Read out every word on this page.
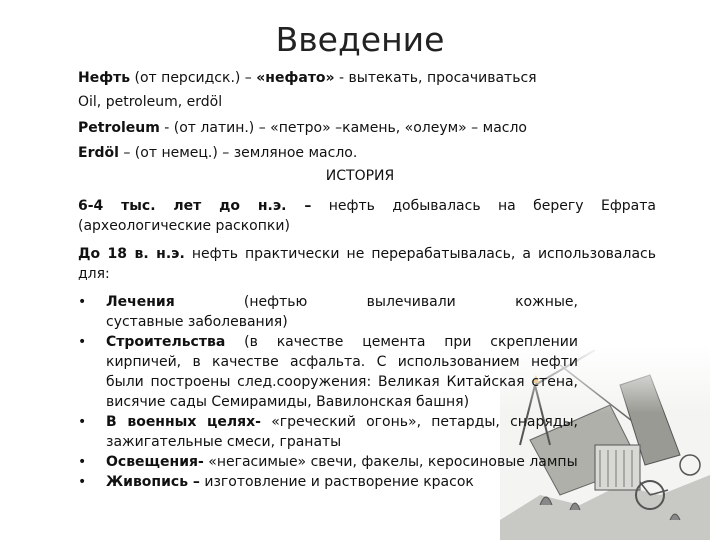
Введение
Нефть (от персидск.) – «нефато» - вытекать, просачиваться
Oil, petroleum, erdöl
Petroleum - (от латин.) – «петро» –камень, «олеум» – масло
Erdöl – (от немец.) – земляное масло.
ИСТОРИЯ
6-4 тыс. лет до н.э. – нефть добывалась на берегу Ефрата (археологические раскопки)
До 18 в. н.э. нефть практически не перерабатывалась, а использовалась для:
•	Лечения       (нефтью      вылечивали      кожные,      суставные заболевания)
•	Строительства (в качестве цемента при скреплении кирпичей, в качестве асфальта. С использованием нефти были построены след.сооружения: Великая Китайская стена, висячие сады Семирамиды, Вавилонская башня)
•	В военных целях- «греческий огонь», петарды, снаряды, зажигательные смеси, гранаты
•	Освещения- «негасимые» свечи, факелы, керосиновые лампы
•	Живопись – изготовление и растворение красок
